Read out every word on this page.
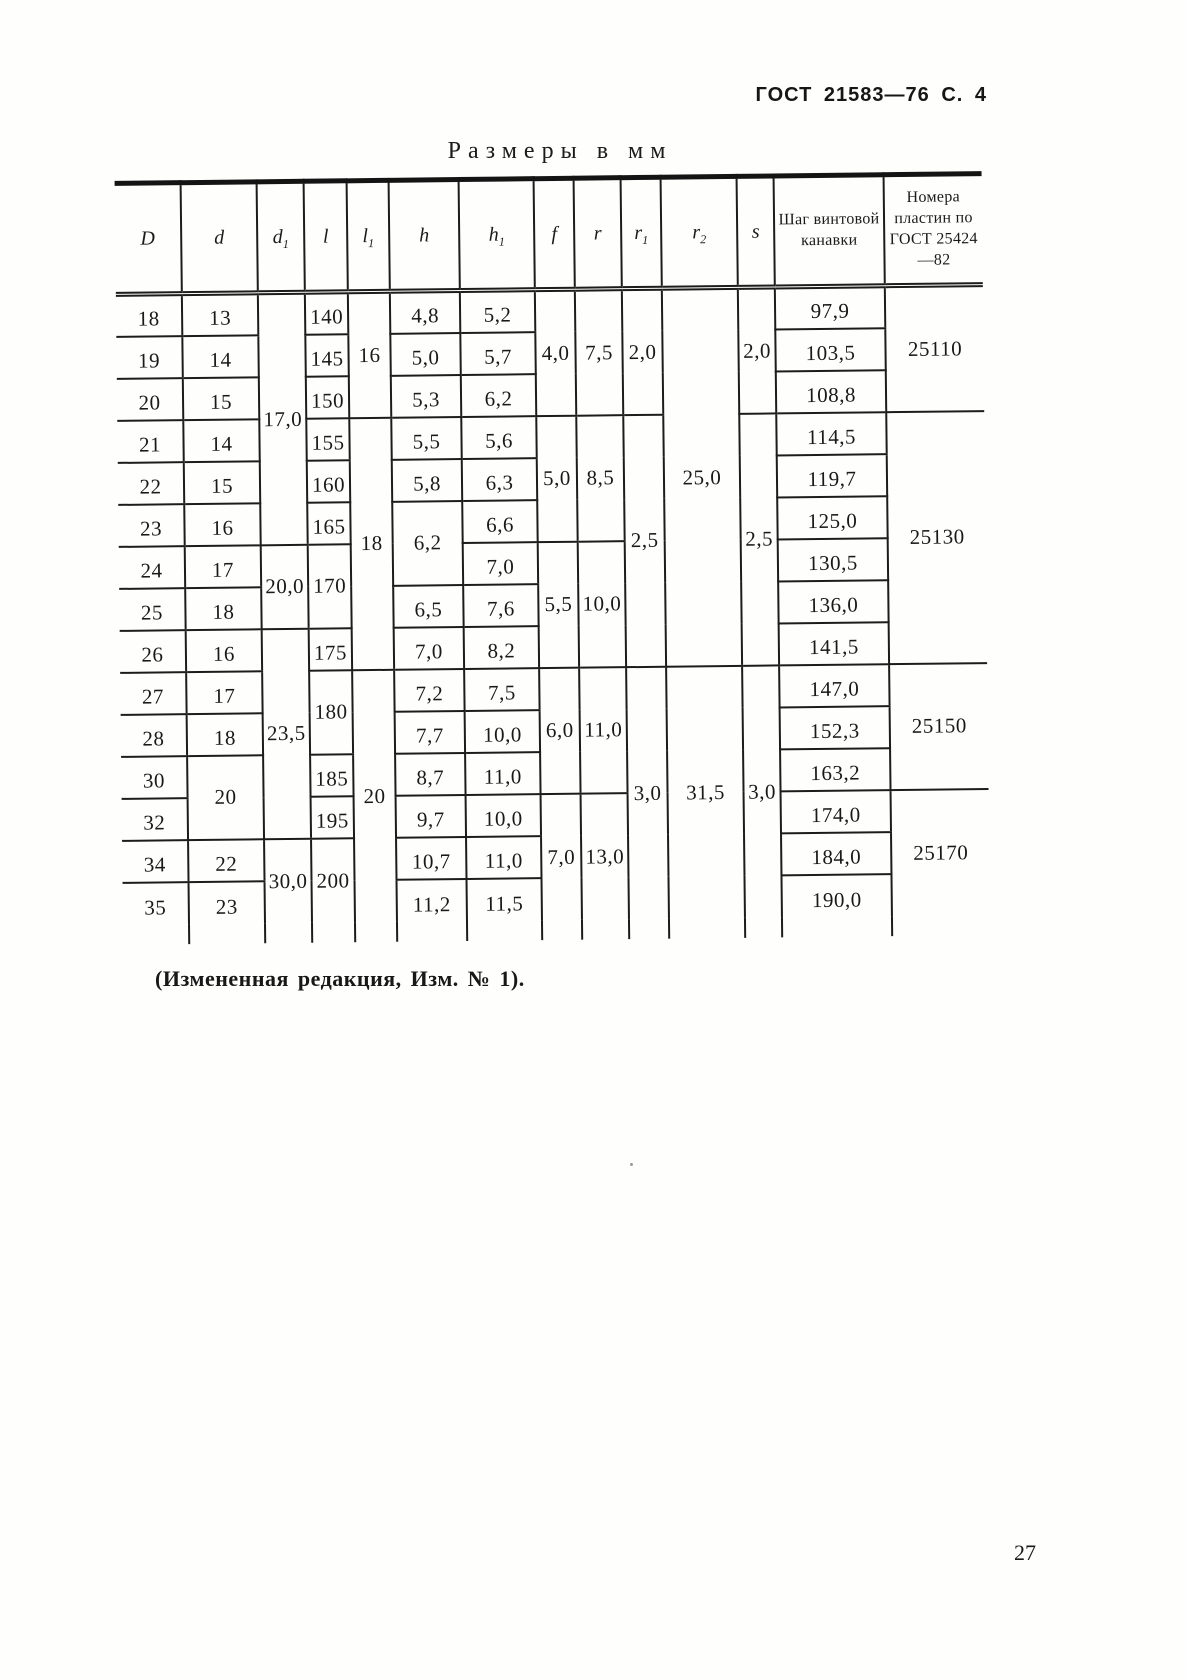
ГОСТ 21583—76 С. 4
Размеры в мм
D	d	$d_1$	l	$l_1$	h	$h_1$	f	r	$r_1$	$r_2$	s	Шаг винтовой канавки	Номера пластин по ГОСТ 25424—82
18	13	17,0	140	16	4,8	5,2	4,0	7,5	2,0	25,0	2,0	97,9	25110
19	14		145		5,0	5,7						103,5	
20	15		150		5,3	6,2						108,8	
21	14		155	18	5,5	5,6	5,0	8,5	2,5		2,5	114,5	25130
22	15		160		5,8	6,3						119,7	
23	16		165		6,2	6,6						125,0	
24	17	20,0	170			7,0	5,5	10,0				130,5	
25	18				6,5	7,6						136,0	
26	16	23,5	175		7,0	8,2						141,5	
27	17		180	20	7,2	7,5	6,0	11,0	3,0	31,5	3,0	147,0	25150
28	18				7,7	10,0						152,3	
30	20		185		8,7	11,0						163,2	
32			195		9,7	10,0	7,0	13,0				174,0	25170
34	22	30,0	200		10,7	11,0						184,0	
35	23				11,2	11,5						190,0	

(Измененная редакция, Изм. № 1).
27
